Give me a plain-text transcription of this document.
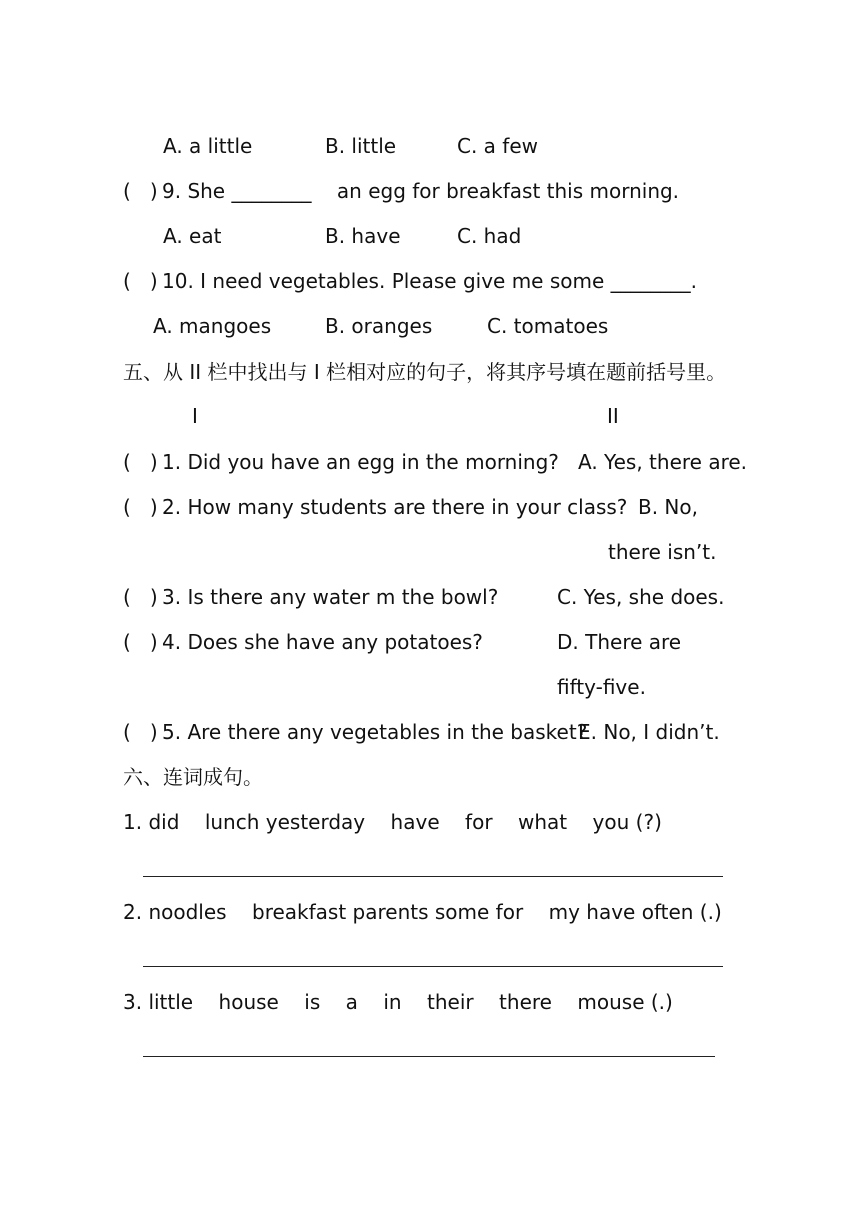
A. a little	B. little	C. a few
(   ) 9. She ________    an egg for breakfast this morning.
A. eat	B. have	C. had
(   ) 10. I need vegetables. Please give me some ________.
A. mangoes	B. oranges	C. tomatoes
五、从 II 栏中找出与 I 栏相对应的句子，将其序号填在题前括号里。
I	II
(   ) 1. Did you have an egg in the morning? A. Yes, there are.
(   ) 2. How many students are there in your class? B. No,
there isn’t.
(   ) 3. Is there any water m the bowl?	C. Yes, she does.
(   ) 4. Does she have any potatoes?	D. There are
fifty-five.
(   ) 5. Are there any vegetables in the basket?
E. No, I didn’t.
六、连词成句。
1. did    lunch yesterday    have    for    what    you (?)
2. noodles    breakfast parents some for    my have often (.)
3. little    house    is    a    in    their    there    mouse (.)
